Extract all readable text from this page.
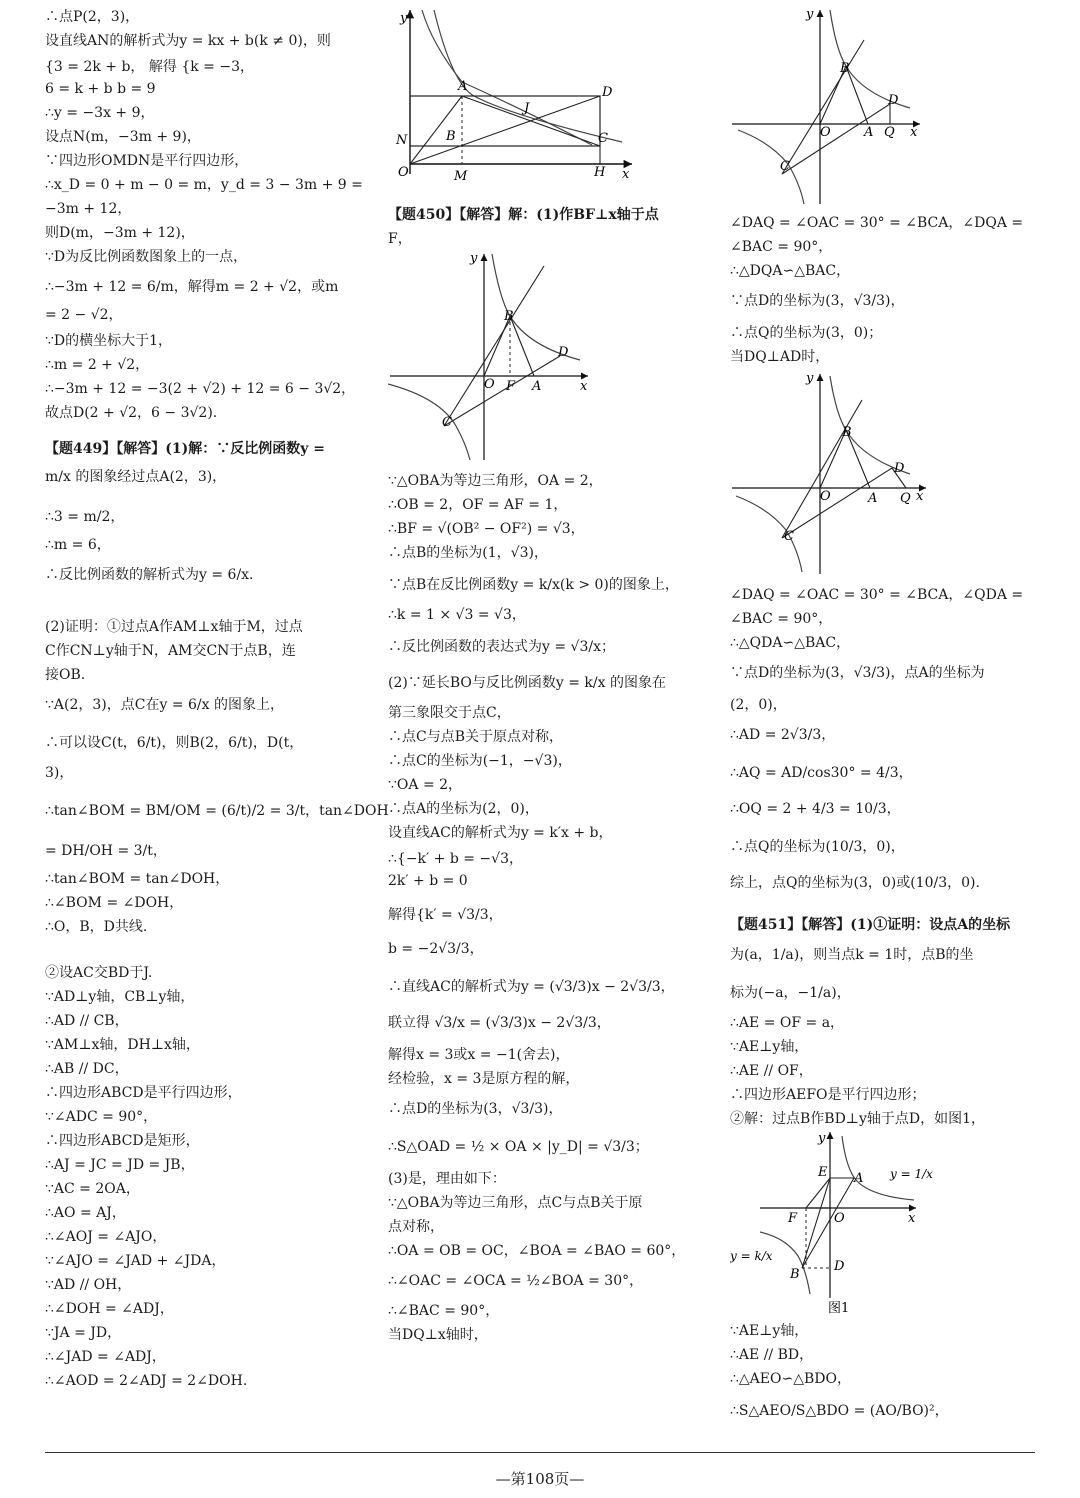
∴点P(2，3)，
设直线AN的解析式为y = kx + b(k ≠ 0)，则
{3 = 2k + b， 解得 {k = −3，
6 = k + b b = 9
∴y = −3x + 9，
设点N(m，−3m + 9)，
∵四边形OMDN是平行四边形，
∴x_D = 0 + m − 0 = m，y_d = 3 − 3m + 9 =
−3m + 12，
则D(m，−3m + 12)，
∵D为反比例函数图象上的一点，
∴−3m + 12 = 6/m，解得m = 2 + √2，或m
= 2 − √2，
∵D的横坐标大于1，
∴m = 2 + √2，
∴−3m + 12 = −3(2 + √2) + 12 = 6 − 3√2，
故点D(2 + √2，6 − 3√2).
【题449】【解答】(1)解：∵反比例函数y =
m/x 的图象经过点A(2，3)，
∴3 = m/2，
∴m = 6，
∴反比例函数的解析式为y = 6/x.
(2)证明：①过点A作AM⊥x轴于M，过点
C作CN⊥y轴于N，AM交CN于点B，连
接OB.
∵A(2，3)，点C在y = 6/x 的图象上，
∴可以设C(t，6/t)，则B(2，6/t)，D(t，
3)，
∴tan∠BOM = BM/OM = (6/t)/2 = 3/t，tan∠DOH
= DH/OH = 3/t，
∴tan∠BOM = tan∠DOH，
∴∠BOM = ∠DOH，
∴O，B，D共线.
②设AC交BD于J.
∵AD⊥y轴，CB⊥y轴，
∴AD // CB，
∵AM⊥x轴，DH⊥x轴，
∴AB // DC，
∴四边形ABCD是平行四边形，
∵∠ADC = 90°，
∴四边形ABCD是矩形，
∴AJ = JC = JD = JB，
∵AC = 2OA，
∴AO = AJ，
∴∠AOJ = ∠AJO，
∵∠AJO = ∠JAD + ∠JDA，
∵AD // OH，
∴∠DOH = ∠ADJ，
∵JA = JD，
∴∠JAD = ∠ADJ，
∴∠AOD = 2∠ADJ = 2∠DOH.
y
x
O
A
B	C
D
J
N
M	H
y
x
O F A
B
C
D
【题450】【解答】解：(1)作BF⊥x轴于点
F，
∵△OBA为等边三角形，OA = 2，
∴OB = 2，OF = AF = 1，
∴BF = √(OB² − OF²) = √3，
∴点B的坐标为(1，√3)，
∵点B在反比例函数y = k/x(k > 0)的图象上，
∴k = 1 × √3 = √3，
∴反比例函数的表达式为y = √3/x；
(2)∵延长BO与反比例函数y = k/x 的图象在
第三象限交于点C，
∴点C与点B关于原点对称，
∴点C的坐标为(−1，−√3)，
∵OA = 2，
∴点A的坐标为(2，0)，
设直线AC的解析式为y = k′x + b，
∴{−k′ + b = −√3，
2k′ + b = 0
解得{k′ = √3/3，
b = −2√3/3，
∴直线AC的解析式为y = (√3/3)x − 2√3/3，
联立得 √3/x = (√3/3)x − 2√3/3，
解得x = 3或x = −1(舍去)，
经检验，x = 3是原方程的解，
∴点D的坐标为(3，√3/3)，
∴S△OAD = ½ × OA × |y_D| = √3/3；
(3)是，理由如下：
∵△OBA为等边三角形，点C与点B关于原
点对称，
∴OA = OB = OC，∠BOA = ∠BAO = 60°，
∴∠OAC = ∠OCA = ½∠BOA = 30°，
∴∠BAC = 90°，
当DQ⊥x轴时，
y
x
O	A Q
B
C
D
y
x
O	A Q
B
C
D
y
x
O
E A
F
B
D
y = 1/x
y = k/x
图1
∠DAQ = ∠OAC = 30° = ∠BCA，∠DQA =
∠BAC = 90°，
∴△DQA∽△BAC，
∵点D的坐标为(3，√3/3)，
∴点Q的坐标为(3，0)；
当DQ⊥AD时，
∠DAQ = ∠OAC = 30° = ∠BCA，∠QDA =
∠BAC = 90°，
∴△QDA∽△BAC，
∵点D的坐标为(3，√3/3)，点A的坐标为
(2，0)，
∴AD = 2√3/3，
∴AQ = AD/cos30° = 4/3，
∴OQ = 2 + 4/3 = 10/3，
∴点Q的坐标为(10/3，0)，
综上，点Q的坐标为(3，0)或(10/3，0).
【题451】【解答】(1)①证明：设点A的坐标
为(a，1/a)，则当点k = 1时，点B的坐
标为(−a，−1/a)，
∴AE = OF = a，
∵AE⊥y轴，
∴AE // OF，
∴四边形AEFO是平行四边形；
②解：过点B作BD⊥y轴于点D，如图1，
∵AE⊥y轴，
∴AE // BD，
∴△AEO∽△BDO，
∴S△AEO/S△BDO = (AO/BO)²，
—第108页—
